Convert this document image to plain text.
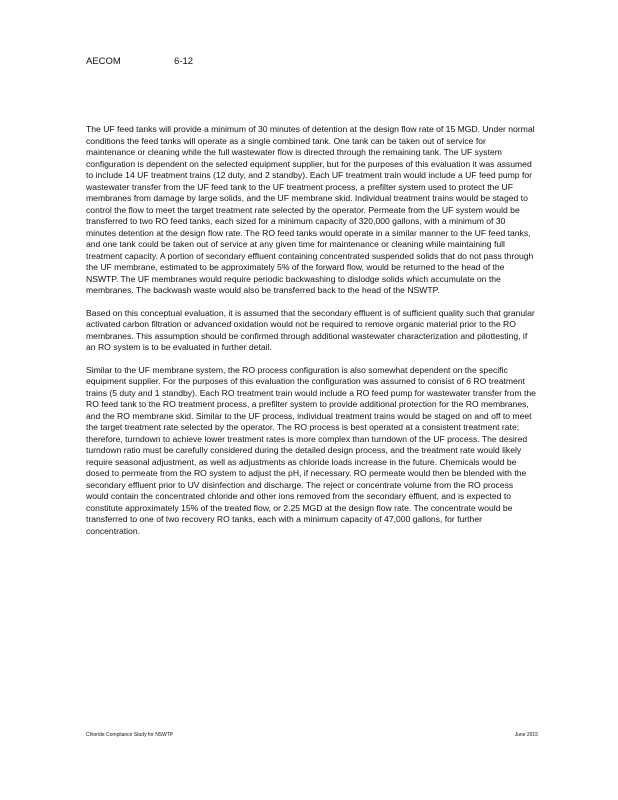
AECOM	6-12

The UF feed tanks will provide a minimum of 30 minutes of detention at the design flow rate of 15 MGD. Under normal conditions the feed tanks will operate as a single combined tank. One tank can be taken out of service for maintenance or cleaning while the full wastewater flow is directed through the remaining tank. The UF system configuration is dependent on the selected equipment supplier, but for the purposes of this evaluation it was assumed to include 14 UF treatment trains (12 duty, and 2 standby). Each UF treatment train would include a UF feed pump for wastewater transfer from the UF feed tank to the UF treatment process, a prefilter system used to protect the UF membranes from damage by large solids, and the UF membrane skid. Individual treatment trains would be staged to control the flow to meet the target treatment rate selected by the operator. Permeate from the UF system would be transferred to two RO feed tanks, each sized for a minimum capacity of 320,000 gallons, with a minimum of 30 minutes detention at the design flow rate. The RO feed tanks would operate in a similar manner to the UF feed tanks, and one tank could be taken out of service at any given time for maintenance or cleaning while maintaining full treatment capacity. A portion of secondary effluent containing concentrated suspended solids that do not pass through the UF membrane, estimated to be approximately 5% of the forward flow, would be returned to the head of the NSWTP. The UF membranes would require periodic backwashing to dislodge solids which accumulate on the membranes. The backwash waste would also be transferred back to the head of the NSWTP.

Based on this conceptual evaluation, it is assumed that the secondary effluent is of sufficient quality such that granular activated carbon filtration or advanced oxidation would not be required to remove organic material prior to the RO membranes. This assumption should be confirmed through additional wastewater characterization and pilottesting, if an RO system is to be evaluated in further detail.

Similar to the UF membrane system, the RO process configuration is also somewhat dependent on the specific equipment supplier. For the purposes of this evaluation the configuration was assumed to consist of 6 RO treatment trains (5 duty and 1 standby). Each RO treatment train would include a RO feed pump for wastewater transfer from the RO feed tank to the RO treatment process, a prefilter system to provide additional protection for the RO membranes, and the RO membrane skid. Similar to the UF process, individual treatment trains would be staged on and off to meet the target treatment rate selected by the operator. The RO process is best operated at a consistent treatment rate; therefore, turndown to achieve lower treatment rates is more complex than turndown of the UF process. The desired turndown ratio must be carefully considered during the detailed design process, and the treatment rate would likely require seasonal adjustment, as well as adjustments as chloride loads increase in the future. Chemicals would be dosed to permeate from the RO system to adjust the pH, if necessary. RO permeate would then be blended with the secondary effluent prior to UV disinfection and discharge. The reject or concentrate volume from the RO process would contain the concentrated chloride and other ions removed from the secondary effluent, and is expected to constitute approximately 15% of the treated flow, or 2.25 MGD at the design flow rate. The concentrate would be transferred to one of two recovery RO tanks, each with a minimum capacity of 47,000 gallons, for further concentration.

Chloride Compliance Study for NSWTP	June 2015
